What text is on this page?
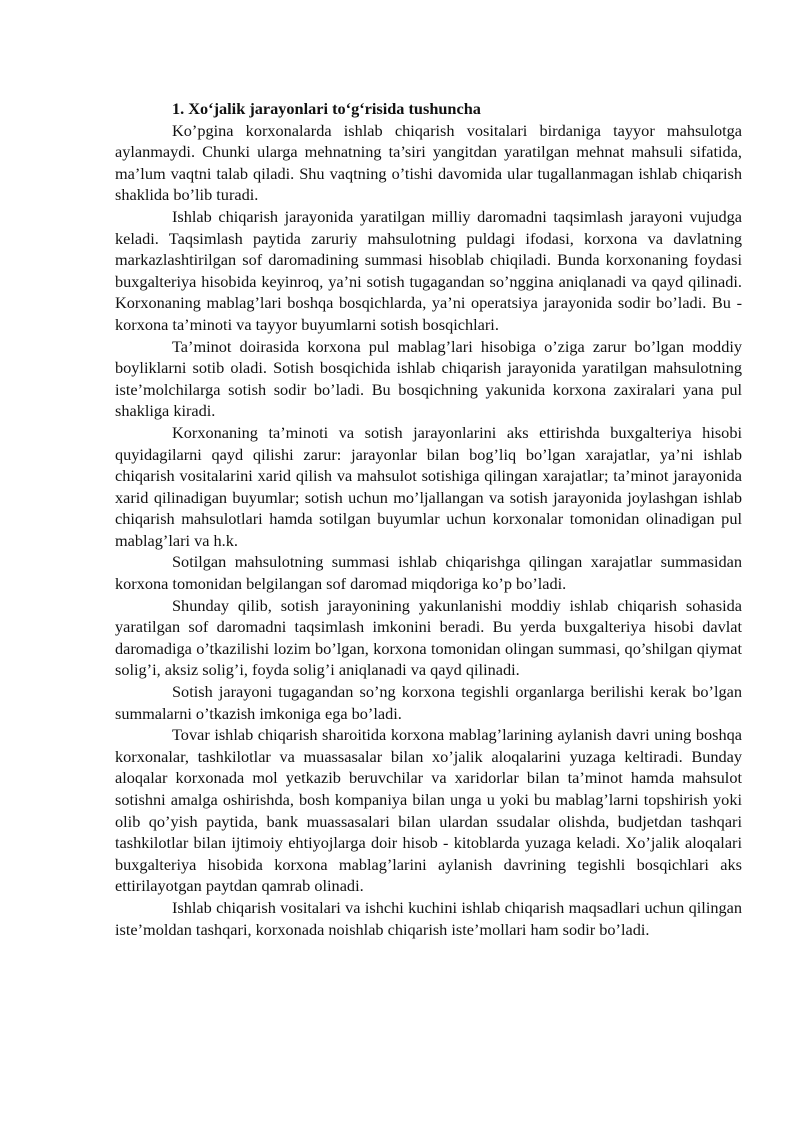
1. Xo‘jalik jarayonlari to‘g‘risida tushuncha

Ko’pgina korxonalarda ishlab chiqarish vositalari birdaniga tayyor mahsulotga aylanmaydi. Chunki ularga mehnatning ta’siri yangitdan yaratilgan mehnat mahsuli sifatida, ma’lum vaqtni talab qiladi. Shu vaqtning o’tishi davomida ular tugallanmagan ishlab chiqarish shaklida bo’lib turadi.

Ishlab chiqarish jarayonida yaratilgan milliy daromadni taqsimlash jarayoni vujudga keladi. Taqsimlash paytida zaruriy mahsulotning puldagi ifodasi, korxona va davlatning markazlashtirilgan sof daromadining summasi hisoblab chiqiladi. Bunda korxonaning foydasi buxgalteriya hisobida keyinroq, ya’ni sotish tugagandan so’nggina aniqlanadi va qayd qilinadi. Korxonaning mablag’lari boshqa bosqichlarda, ya’ni operatsiya jarayonida sodir bo’ladi. Bu - korxona ta’minoti va tayyor buyumlarni sotish bosqichlari.

Ta’minot doirasida korxona pul mablag’lari hisobiga o’ziga zarur bo’lgan moddiy boyliklarni sotib oladi. Sotish bosqichida ishlab chiqarish jarayonida yaratilgan mahsulotning iste’molchilarga sotish sodir bo’ladi. Bu bosqichning yakunida korxona zaxiralari yana pul shakliga kiradi.

Korxonaning ta’minoti va sotish jarayonlarini aks ettirishda buxgalteriya hisobi quyidagilarni qayd qilishi zarur: jarayonlar bilan bog’liq bo’lgan xarajatlar, ya’ni ishlab chiqarish vositalarini xarid qilish va mahsulot sotishiga qilingan xarajatlar; ta’minot jarayonida xarid qilinadigan buyumlar; sotish uchun mo’ljallangan va sotish jarayonida joylashgan ishlab chiqarish mahsulotlari hamda sotilgan buyumlar uchun korxonalar tomonidan olinadigan pul mablag’lari va h.k.

Sotilgan mahsulotning summasi ishlab chiqarishga qilingan xarajatlar summasidan korxona tomonidan belgilangan sof daromad miqdoriga ko’p bo’ladi.

Shunday qilib, sotish jarayonining yakunlanishi moddiy ishlab chiqarish sohasida yaratilgan sof daromadni taqsimlash imkonini beradi. Bu yerda buxgalteriya hisobi davlat daromadiga o’tkazilishi lozim bo’lgan, korxona tomonidan olingan summasi, qo’shilgan qiymat solig’i, aksiz solig’i, foyda solig’i aniqlanadi va qayd qilinadi.

Sotish jarayoni tugagandan so’ng korxona tegishli organlarga berilishi kerak bo’lgan summalarni o’tkazish imkoniga ega bo’ladi.

Tovar ishlab chiqarish sharoitida korxona mablag’larining aylanish davri uning boshqa korxonalar, tashkilotlar va muassasalar bilan xo’jalik aloqalarini yuzaga keltiradi. Bunday aloqalar korxonada mol yetkazib beruvchilar va xaridorlar bilan ta’minot hamda mahsulot sotishni amalga oshirishda, bosh kompaniya bilan unga u yoki bu mablag’larni topshirish yoki olib qo’yish paytida, bank muassasalari bilan ulardan ssudalar olishda, budjetdan tashqari tashkilotlar bilan ijtimoiy ehtiyojlarga doir hisob - kitoblarda yuzaga keladi. Xo’jalik aloqalari buxgalteriya hisobida korxona mablag’larini aylanish davrining tegishli bosqichlari aks ettirilayotgan paytdan qamrab olinadi.

Ishlab chiqarish vositalari va ishchi kuchini ishlab chiqarish maqsadlari uchun qilingan iste’moldan tashqari, korxonada noishlab chiqarish iste’mollari ham sodir bo’ladi.
